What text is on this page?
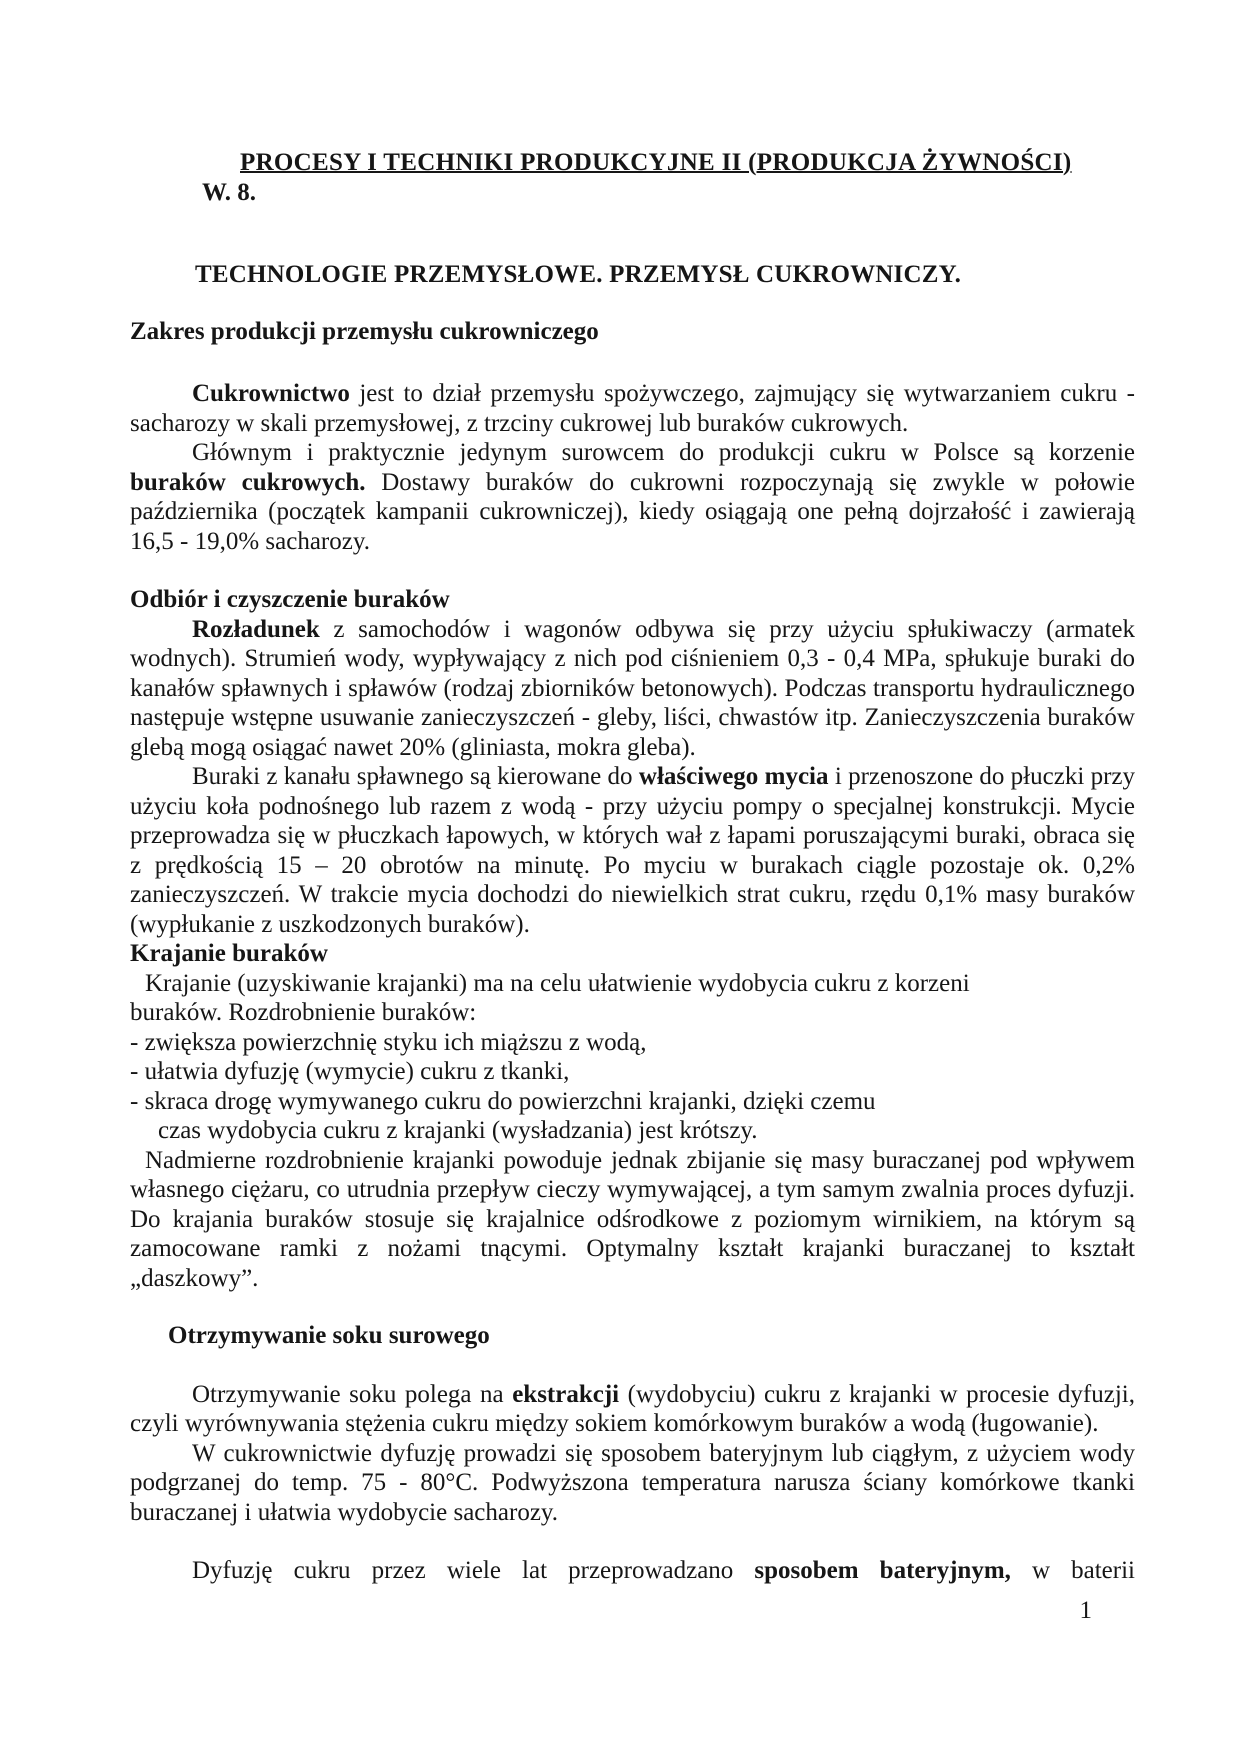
PROCESY I TECHNIKI PRODUKCYJNE II (PRODUKCJA ŻYWNOŚCI)

W. 8.

TECHNOLOGIE PRZEMYSŁOWE. PRZEMYSŁ CUKROWNICZY.

Zakres produkcji przemysłu cukrowniczego

Cukrownictwo jest to dział przemysłu spożywczego, zajmujący się wytwarzaniem cukru - sacharozy w skali przemysłowej, z trzciny cukrowej lub buraków cukrowych.

Głównym i praktycznie jedynym surowcem do produkcji cukru w Polsce są korzenie buraków cukrowych. Dostawy buraków do cukrowni rozpoczynają się zwykle w połowie października (początek kampanii cukrowniczej), kiedy osiągają one pełną dojrzałość i zawierają 16,5 - 19,0% sacharozy.

Odbiór i czyszczenie buraków

Rozładunek z samochodów i wagonów odbywa się przy użyciu spłukiwaczy (armatek wodnych). Strumień wody, wypływający z nich pod ciśnieniem 0,3 - 0,4 MPa, spłukuje buraki do kanałów spławnych i spławów (rodzaj zbiorników betonowych). Podczas transportu hydraulicznego następuje wstępne usuwanie zanieczyszczeń - gleby, liści, chwastów itp. Zanieczyszczenia buraków glebą mogą osiągać nawet 20% (gliniasta, mokra gleba).

Buraki z kanału spławnego są kierowane do właściwego mycia i przenoszone do płuczki przy użyciu koła podnośnego lub razem z wodą - przy użyciu pompy o specjalnej konstrukcji. Mycie przeprowadza się w płuczkach łapowych, w których wał z łapami poruszającymi buraki, obraca się z prędkością 15 – 20 obrotów na minutę. Po myciu w burakach ciągle pozostaje ok. 0,2% zanieczyszczeń. W trakcie mycia dochodzi do niewielkich strat cukru, rzędu 0,1% masy buraków (wypłukanie z uszkodzonych buraków).

Krajanie buraków

Krajanie (uzyskiwanie krajanki) ma na celu ułatwienie wydobycia cukru z korzeni

buraków. Rozdrobnienie buraków:

- zwiększa powierzchnię styku ich miąższu z wodą,

- ułatwia dyfuzję (wymycie) cukru z tkanki,

- skraca drogę wymywanego cukru do powierzchni krajanki, dzięki czemu

czas wydobycia cukru z krajanki (wysładzania) jest krótszy.

Nadmierne rozdrobnienie krajanki powoduje jednak zbijanie się masy buraczanej pod wpływem własnego ciężaru, co utrudnia przepływ cieczy wymywającej, a tym samym zwalnia proces dyfuzji. Do krajania buraków stosuje się krajalnice odśrodkowe z poziomym wirnikiem, na którym są zamocowane ramki z nożami tnącymi. Optymalny kształt krajanki buraczanej to kształt „daszkowy”.

Otrzymywanie soku surowego

Otrzymywanie soku polega na ekstrakcji (wydobyciu) cukru z krajanki w procesie dyfuzji, czyli wyrównywania stężenia cukru między sokiem komórkowym buraków a wodą (ługowanie).

W cukrownictwie dyfuzję prowadzi się sposobem bateryjnym lub ciągłym, z użyciem wody podgrzanej do temp. 75 - 80°C. Podwyższona temperatura narusza ściany komórkowe tkanki buraczanej i ułatwia wydobycie sacharozy.

Dyfuzję cukru przez wiele lat przeprowadzano sposobem bateryjnym, w baterii

1
